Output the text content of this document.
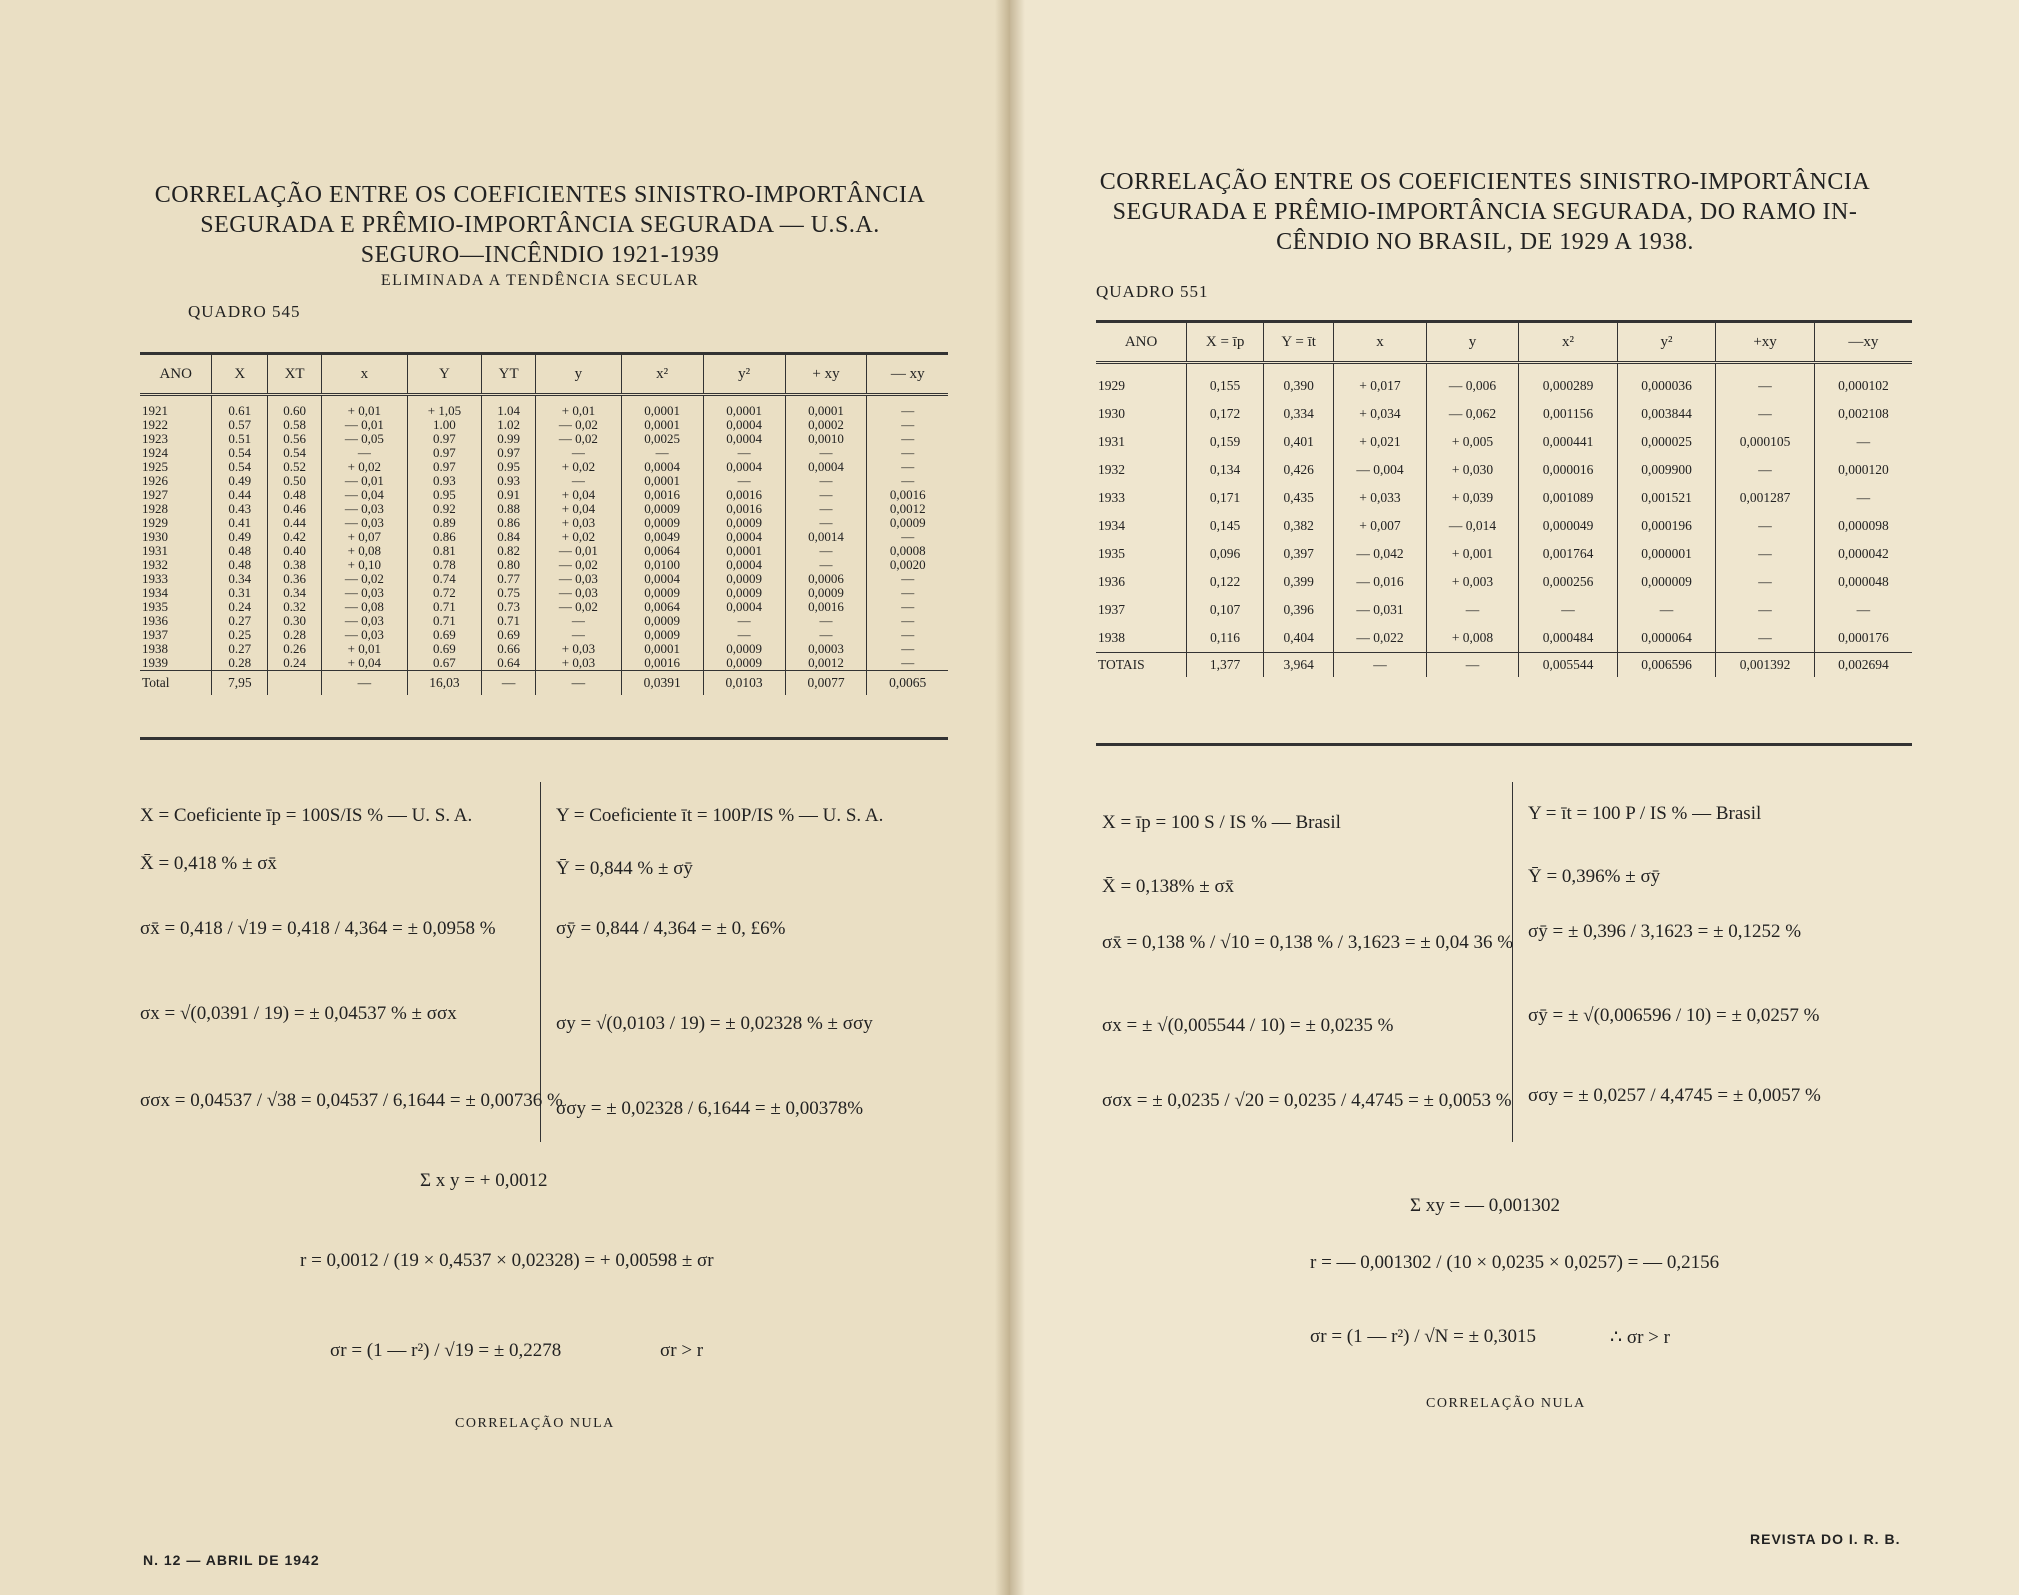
CORRELAÇÃO ENTRE OS COEFICIENTES SINISTRO-IMPORTÂNCIA
SEGURADA E PRÊMIO-IMPORTÂNCIA SEGURADA — U.S.A.
SEGURO—INCÊNDIO 1921-1939
ELIMINADA A TENDÊNCIA SECULAR
QUADRO 545
ANO	X	XT	x	Y	YT	y	x²	y²	+ xy	— xy
1921	0.61	0.60	+ 0,01	+ 1,05	1.04	+ 0,01	0,0001	0,0001	0,0001	—
1922	0.57	0.58	— 0,01	1.00	1.02	— 0,02	0,0001	0,0004	0,0002	—
1923	0.51	0.56	— 0,05	0.97	0.99	— 0,02	0,0025	0,0004	0,0010	—
1924	0.54	0.54	—	0.97	0.97	—	—	—	—	—
1925	0.54	0.52	+ 0,02	0.97	0.95	+ 0,02	0,0004	0,0004	0,0004	—
1926	0.49	0.50	— 0,01	0.93	0.93	—	0,0001	—	—	—
1927	0.44	0.48	— 0,04	0.95	0.91	+ 0,04	0,0016	0,0016	—	0,0016
1928	0.43	0.46	— 0,03	0.92	0.88	+ 0,04	0,0009	0,0016	—	0,0012
1929	0.41	0.44	— 0,03	0.89	0.86	+ 0,03	0,0009	0,0009	—	0,0009
1930	0.49	0.42	+ 0,07	0.86	0.84	+ 0,02	0,0049	0,0004	0,0014	—
1931	0.48	0.40	+ 0,08	0.81	0.82	— 0,01	0,0064	0,0001	—	0,0008
1932	0.48	0.38	+ 0,10	0.78	0.80	— 0,02	0,0100	0,0004	—	0,0020
1933	0.34	0.36	— 0,02	0.74	0.77	— 0,03	0,0004	0,0009	0,0006	—
1934	0.31	0.34	— 0,03	0.72	0.75	— 0,03	0,0009	0,0009	0,0009	—
1935	0.24	0.32	— 0,08	0.71	0.73	— 0,02	0,0064	0,0004	0,0016	—
1936	0.27	0.30	— 0,03	0.71	0.71	—	0,0009	—	—	—
1937	0.25	0.28	— 0,03	0.69	0.69	—	0,0009	—	—	—
1938	0.27	0.26	+ 0,01	0.69	0.66	+ 0,03	0,0001	0,0009	0,0003	—
1939	0.28	0.24	+ 0,04	0.67	0.64	+ 0,03	0,0016	0,0009	0,0012	—
Total	7,95		—	16,03	—	—	0,0391	0,0103	0,0077	0,0065
X = Coeficiente īp = 100S/IS % — U. S. A.
X̄ = 0,418 % ± σx̄
σx̄ = 0,418 / √19 = 0,418 / 4,364 = ± 0,0958 %
σx = √(0,0391 / 19) = ± 0,04537 % ± σσx
σσx = 0,04537 / √38 = 0,04537 / 6,1644 = ± 0,00736 %
Y = Coeficiente īt = 100P/IS % — U. S. A.
Ȳ = 0,844 % ± σȳ
σȳ = 0,844 / 4,364 = ± 0, £6%
σy = √(0,0103 / 19) = ± 0,02328 % ± σσy
σσy = ± 0,02328 / 6,1644 = ± 0,00378%
Σ x y = + 0,0012
r = 0,0012 / (19 × 0,4537 × 0,02328) = + 0,00598 ± σr
σr = (1 — r²) / √19 = ± 0,2278	σr > r
CORRELAÇÃO NULA
N. 12 — ABRIL DE 1942
CORRELAÇÃO ENTRE OS COEFICIENTES SINISTRO-IMPORTÂNCIA
SEGURADA E PRÊMIO-IMPORTÂNCIA SEGURADA, DO RAMO IN-
CÊNDIO NO BRASIL, DE 1929 A 1938.
QUADRO 551
ANO	X = īp	Y = īt	x	y	x²	y²	+xy	—xy
1929	0,155	0,390	+ 0,017	— 0,006	0,000289	0,000036	—	0,000102
1930	0,172	0,334	+ 0,034	— 0,062	0,001156	0,003844	—	0,002108
1931	0,159	0,401	+ 0,021	+ 0,005	0,000441	0,000025	0,000105	—
1932	0,134	0,426	— 0,004	+ 0,030	0,000016	0,009900	—	0,000120
1933	0,171	0,435	+ 0,033	+ 0,039	0,001089	0,001521	0,001287	—
1934	0,145	0,382	+ 0,007	— 0,014	0,000049	0,000196	—	0,000098
1935	0,096	0,397	— 0,042	+ 0,001	0,001764	0,000001	—	0,000042
1936	0,122	0,399	— 0,016	+ 0,003	0,000256	0,000009	—	0,000048
1937	0,107	0,396	— 0,031	—	—	—	—	—
1938	0,116	0,404	— 0,022	+ 0,008	0,000484	0,000064	—	0,000176
TOTAIS	1,377	3,964	—	—	0,005544	0,006596	0,001392	0,002694
X = īp = 100 S / IS % — Brasil
X̄ = 0,138% ± σx̄
σx̄ = 0,138 % / √10 = 0,138 % / 3,1623 = ± 0,04 36 %
σx = ± √(0,005544 / 10) = ± 0,0235 %
σσx = ± 0,0235 / √20 = 0,0235 / 4,4745 = ± 0,0053 %
Y = īt = 100 P / IS % — Brasil
Ȳ = 0,396% ± σȳ
σȳ = ± 0,396 / 3,1623 = ± 0,1252 %
σȳ = ± √(0,006596 / 10) = ± 0,0257 %
σσy = ± 0,0257 / 4,4745 = ± 0,0057 %
Σ xy = — 0,001302
r = — 0,001302 / (10 × 0,0235 × 0,0257) = — 0,2156
σr = (1 — r²) / √N = ± 0,3015	∴ σr > r
CORRELAÇÃO NULA
REVISTA DO I. R. B.
